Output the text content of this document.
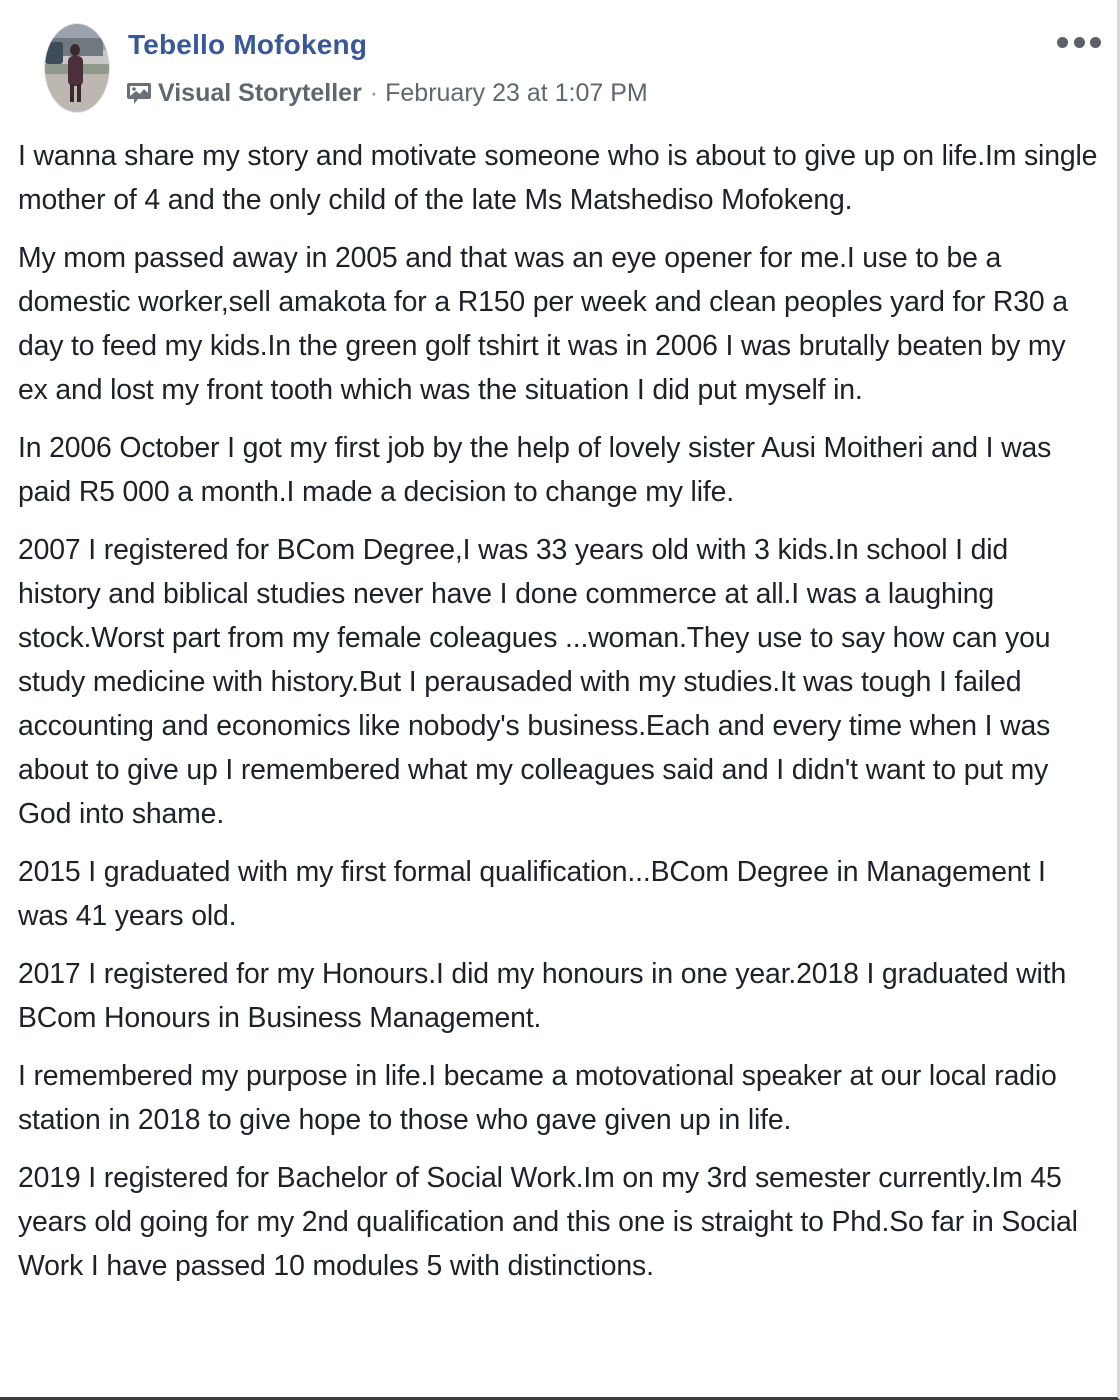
Tebello Mofokeng
Visual Storyteller · February 23 at 1:07 PM

I wanna share my story and motivate someone who is about to give up on life.Im single mother of 4 and the only child of the late Ms Matshediso Mofokeng.

My mom passed away in 2005 and that was an eye opener for me.I use to be a domestic worker,sell amakota for a R150 per week and clean peoples yard for R30 a day to feed my kids.In the green golf tshirt it was in 2006 I was brutally beaten by my ex and lost my front tooth which was the situation I did put myself in.

In 2006 October I got my first job by the help of lovely sister Ausi Moitheri and I was paid R5 000 a month.I made a decision to change my life.

2007 I registered for BCom Degree,I was 33 years old with 3 kids.In school I did history and biblical studies never have I done commerce at all.I was a laughing stock.Worst part from my female coleagues ...woman.They use to say how can you study medicine with history.But I perausaded with my studies.It was tough I failed accounting and economics like nobody's business.Each and every time when I was about to give up I remembered what my colleagues said and I didn't want to put my God into shame.

2015 I graduated with my first formal qualification...BCom Degree in Management I was 41 years old.

2017 I registered for my Honours.I did my honours in one year.2018 I graduated with BCom Honours in Business Management.

I remembered my purpose in life.I became a motovational speaker at our local radio station in 2018 to give hope to those who gave given up in life.

2019 I registered for Bachelor of Social Work.Im on my 3rd semester currently.Im 45 years old going for my 2nd qualification and this one is straight to Phd.So far in Social Work I have passed 10 modules 5 with distinctions.
